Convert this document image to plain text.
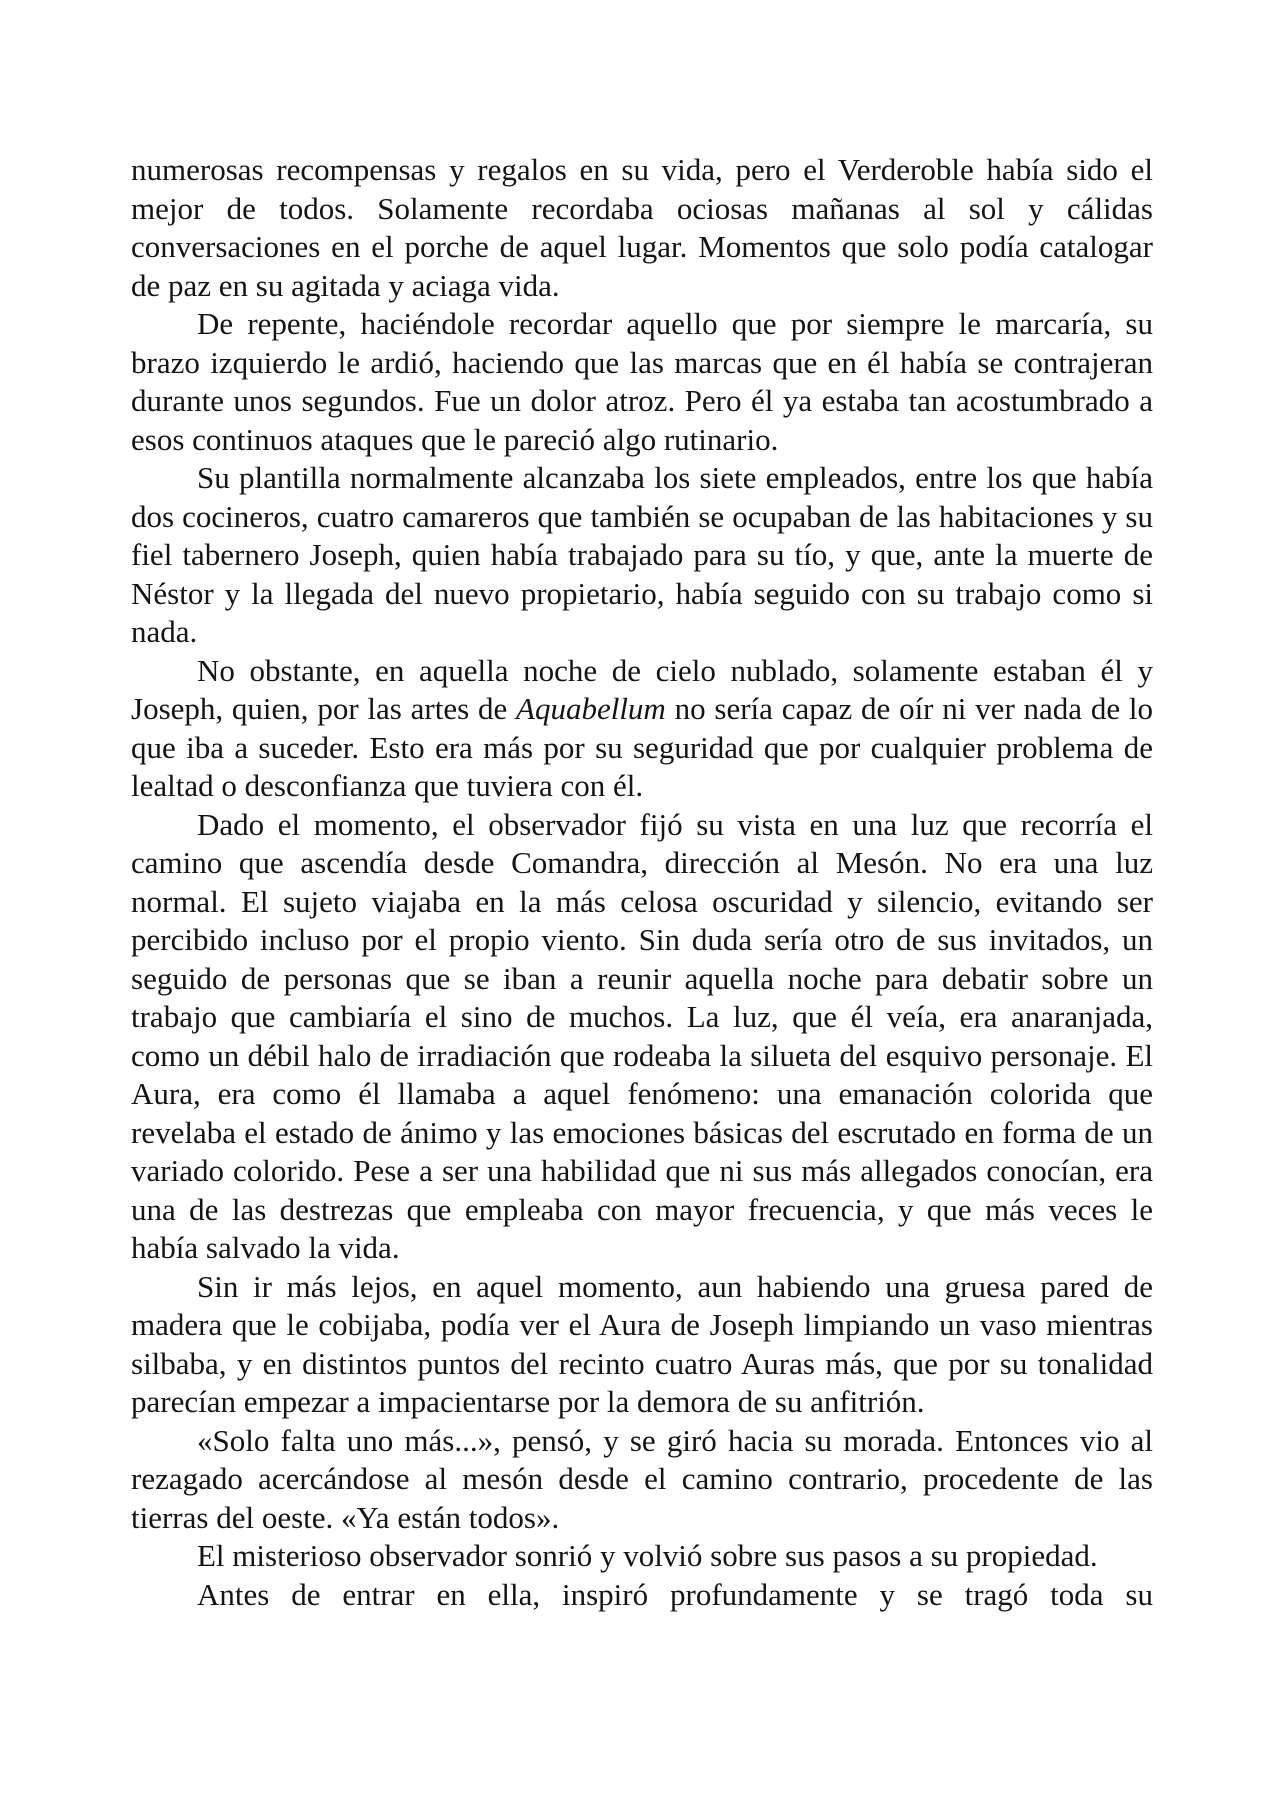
numerosas recompensas y regalos en su vida, pero el Verderoble había sido el mejor de todos. Solamente recordaba ociosas mañanas al sol y cálidas conversaciones en el porche de aquel lugar. Momentos que solo podía catalogar de paz en su agitada y aciaga vida.

De repente, haciéndole recordar aquello que por siempre le marcaría, su brazo izquierdo le ardió, haciendo que las marcas que en él había se contrajeran durante unos segundos. Fue un dolor atroz. Pero él ya estaba tan acostumbrado a esos continuos ataques que le pareció algo rutinario.

Su plantilla normalmente alcanzaba los siete empleados, entre los que había dos cocineros, cuatro camareros que también se ocupaban de las habitaciones y su fiel tabernero Joseph, quien había trabajado para su tío, y que, ante la muerte de Néstor y la llegada del nuevo propietario, había seguido con su trabajo como si nada.

No obstante, en aquella noche de cielo nublado, solamente estaban él y Joseph, quien, por las artes de Aquabellum no sería capaz de oír ni ver nada de lo que iba a suceder. Esto era más por su seguridad que por cualquier problema de lealtad o desconfianza que tuviera con él.

Dado el momento, el observador fijó su vista en una luz que recorría el camino que ascendía desde Comandra, dirección al Mesón. No era una luz normal. El sujeto viajaba en la más celosa oscuridad y silencio, evitando ser percibido incluso por el propio viento. Sin duda sería otro de sus invitados, un seguido de personas que se iban a reunir aquella noche para debatir sobre un trabajo que cambiaría el sino de muchos. La luz, que él veía, era anaranjada, como un débil halo de irradiación que rodeaba la silueta del esquivo personaje. El Aura, era como él llamaba a aquel fenómeno: una emanación colorida que revelaba el estado de ánimo y las emociones básicas del escrutado en forma de un variado colorido. Pese a ser una habilidad que ni sus más allegados conocían, era una de las destrezas que empleaba con mayor frecuencia, y que más veces le había salvado la vida.

Sin ir más lejos, en aquel momento, aun habiendo una gruesa pared de madera que le cobijaba, podía ver el Aura de Joseph limpiando un vaso mientras silbaba, y en distintos puntos del recinto cuatro Auras más, que por su tonalidad parecían empezar a impacientarse por la demora de su anfitrión.

«Solo falta uno más...», pensó, y se giró hacia su morada. Entonces vio al rezagado acercándose al mesón desde el camino contrario, procedente de las tierras del oeste. «Ya están todos».

El misterioso observador sonrió y volvió sobre sus pasos a su propiedad.

Antes de entrar en ella, inspiró profundamente y se tragó toda su
